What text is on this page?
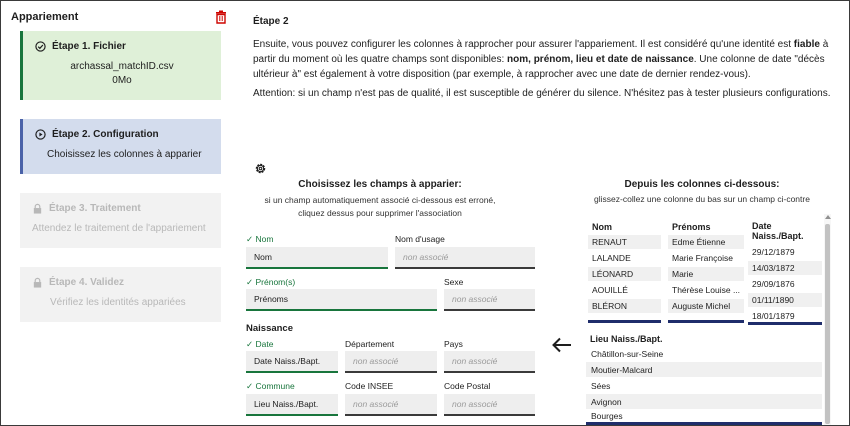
Appariement
Étape 1. Fichier
archassal_matchID.csv
0Mo
Étape 2. Configuration
Choisissez les colonnes à apparier
Étape 3. Traitement
Attendez le traitement de l'appariement
Étape 4. Validez
Vérifiez les identités appariées
Étape 2
Ensuite, vous pouvez configurer les colonnes à rapprocher pour assurer l'appariement. Il est considéré qu'une identité est fiable à partir du moment où les quatre champs sont disponibles: nom, prénom, lieu et date de naissance. Une colonne de date "décès ultérieur à" est également à votre disposition (par exemple, à rapprocher avec une date de dernier rendez-vous).
Attention: si un champ n'est pas de qualité, il est susceptible de générer du silence. N'hésitez pas à tester plusieurs configurations.
Choisissez les champs à apparier:
si un champ automatiquement associé ci-dessous est erroné,
cliquez dessus pour supprimer l'association
✓ Nom
Nom
Nom d'usage
non associé
✓ Prénom(s)
Prénoms
Sexe
non associé
Naissance
✓ Date
Date Naiss./Bapt.
Département
non associé
Pays
non associé
✓ Commune
Lieu Naiss./Bapt.
Code INSEE
non associé
Code Postal
non associé
Depuis les colonnes ci-dessous:
glissez-collez une colonne du bas sur un champ ci-contre
Nom
RENAUT
LALANDE
LÉONARD
AOUILLÉ
BLÉRON
Prénoms
Edme Étienne
Marie Françoise
Marie
Thérèse Louise ...
Auguste Michel
Date
Naiss./Bapt.
29/12/1879
14/03/1872
29/09/1876
01/11/1890
18/01/1879
Lieu Naiss./Bapt.
Châtillon-sur-Seine
Moutier-Malcard
Sées
Avignon
Bourges
